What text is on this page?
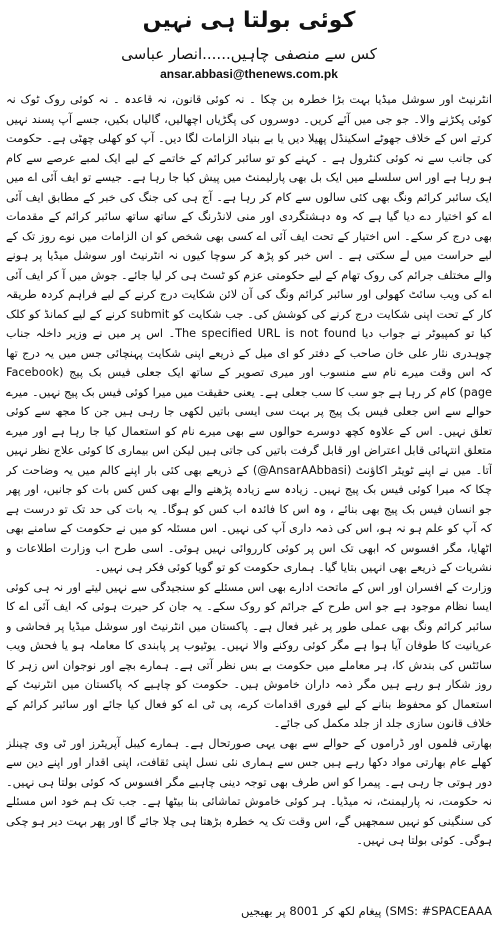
کوئی بولتا ہی نہیں
کس سے منصفی چاہیں......انصار عباسی
ansar.abbasi@thenews.com.pk

انٹرنیٹ اور سوشل میڈیا بہت بڑا خطرہ بن چکا ۔ نہ کوئی قانون، نہ قاعدہ ۔ نہ کوئی روک ٹوک نہ کوئی پکڑنے والا۔ جو جی میں آئے کریں۔ دوسروں کی پگڑیاں اچھالیں، گالیاں بکیں، جسے آپ پسند نہیں کرتے اس کے خلاف جھوٹے اسکینڈل پھیلا دیں یا بے بنیاد الزامات لگا دیں۔ آپ کو کھلی چھٹی ہے۔ حکومت کی جانب سے نہ کوئی کنٹرول ہے ۔ کہنے کو تو سائبر کرائم کے خاتمے کے لیے ایک لمبے عرصے سے کام ہو رہا ہے اور اس سلسلے میں ایک بل بھی پارلیمنٹ میں پیش کیا جا رہا ہے۔ جیسے تو ایف آئی اے میں ایک سائبر کرائم ونگ بھی کئی سالوں سے کام کر رہا ہے۔ آج ہی کی جنگ کی خبر کے مطابق ایف آئی اے کو اختیار دے دیا گیا ہے کہ وہ دہشتگردی اور منی لانڈرنگ کے ساتھ ساتھ سائبر کرائم کے مقدمات بھی درج کر سکے۔ اس اختیار کے تحت ایف آئی اے کسی بھی شخص کو ان الزامات میں نوے روز تک کے لیے حراست میں لے سکتی ہے ۔ اس خبر کو پڑھ کر سوچا کیوں نہ انٹرنیٹ اور سوشل میڈیا پر ہونے والے مختلف جرائم کی روک تھام کے لیے حکومتی عزم کو ٹسٹ ہی کر لیا جائے۔ جوش میں آ کر ایف آئی اے کی ویب سائٹ کھولی اور سائبر کرائم ونگ کی آن لائن شکایت درج کرنے کے لیے فراہم کردہ طریقہ کار کے تحت اپنی شکایت درج کرنے کی کوشش کی۔ جب شکایت کو submit کرنے کے لیے کمانڈ کو کلک کیا تو کمپیوٹر نے جواب دیا The specified URL is not found۔ اس پر میں نے وزیر داخلہ جناب چوہدری نثار علی خان صاحب کے دفتر کو ای میل کے ذریعے اپنی شکایت پہنچائی جس میں یہ درج تھا کہ اس وقت میرے نام سے منسوب اور میری تصویر کے ساتھ ایک جعلی فیس بک پیج (Facebook page) کام کر رہا ہے جو سب کا سب جعلی ہے۔ یعنی حقیقت میں میرا کوئی فیس بک پیج نہیں۔ میرے حوالے سے اس جعلی فیس بک پیج پر بہت سی ایسی باتیں لکھی جا رہی ہیں جن کا مجھ سے کوئی تعلق نہیں۔ اس کے علاوہ کچھ دوسرے حوالوں سے بھی میرے نام کو استعمال کیا جا رہا ہے اور میرے متعلق انتہائی قابل اعتراض اور قابل گرفت باتیں کی جاتی ہیں لیکن اس بیماری کا کوئی علاج نظر نہیں آتا۔ میں نے اپنے ٹویٹر اکاؤنٹ (AnsarAAbbasi@) کے ذریعے بھی کئی بار اپنے کالم میں یہ وضاحت کر چکا کہ میرا کوئی فیس بک پیج نہیں۔ زیادہ سے زیادہ پڑھنے والے بھی کس کس بات کو جانیں، اور پھر جو انسان فیس بک پیج بھی بنائے ، وہ اس کا فائدہ اب کس کو ہوگا۔ یہ بات کی حد تک تو درست ہے کہ آپ کو علم ہو نہ ہو، اس کی ذمہ داری آپ کی نہیں۔ اس مسئلہ کو میں نے حکومت کے سامنے بھی اٹھایا، مگر افسوس کہ ابھی تک اس پر کوئی کارروائی نہیں ہوئی۔ اسی طرح اب وزارت اطلاعات و نشریات کے ذریعے بھی انہیں بتایا گیا۔ ہماری حکومت کو تو گویا کوئی فکر ہی نہیں۔

وزارت کے افسران اور اس کے ماتحت ادارے بھی اس مسئلے کو سنجیدگی سے نہیں لیتے اور نہ ہی کوئی ایسا نظام موجود ہے جو اس طرح کے جرائم کو روک سکے۔ یہ جان کر حیرت ہوئی کہ ایف آئی اے کا سائبر کرائم ونگ بھی عملی طور پر غیر فعال ہے۔ پاکستان میں انٹرنیٹ اور سوشل میڈیا پر فحاشی و عریانیت کا طوفان آیا ہوا ہے مگر کوئی روکنے والا نہیں۔ یوٹیوب پر پابندی کا معاملہ ہو یا فحش ویب سائٹس کی بندش کا، ہر معاملے میں حکومت بے بس نظر آتی ہے۔ ہمارے بچے اور نوجوان اس زہر کا روز شکار ہو رہے ہیں مگر ذمہ داران خاموش ہیں۔ حکومت کو چاہیے کہ پاکستان میں انٹرنیٹ کے استعمال کو محفوظ بنانے کے لیے فوری اقدامات کرے، پی ٹی اے کو فعال کیا جائے اور سائبر کرائم کے خلاف قانون سازی جلد از جلد مکمل کی جائے۔

بھارتی فلموں اور ڈراموں کے حوالے سے بھی یہی صورتحال ہے۔ ہمارے کیبل آپریٹرز اور ٹی وی چینلز کھلے عام بھارتی مواد دکھا رہے ہیں جس سے ہماری نئی نسل اپنی ثقافت، اپنی اقدار اور اپنے دین سے دور ہوتی جا رہی ہے۔ پیمرا کو اس طرف بھی توجہ دینی چاہیے مگر افسوس کہ کوئی بولتا ہی نہیں۔ نہ حکومت، نہ پارلیمنٹ، نہ میڈیا۔ ہر کوئی خاموش تماشائی بنا بیٹھا ہے۔ جب تک ہم خود اس مسئلے کی سنگینی کو نہیں سمجھیں گے، اس وقت تک یہ خطرہ بڑھتا ہی چلا جائے گا اور پھر بہت دیر ہو چکی ہوگی۔ کوئی بولتا ہی نہیں۔

SMS: #SPACEAAA) پیغام لکھ کر 8001 پر بھیجیں
